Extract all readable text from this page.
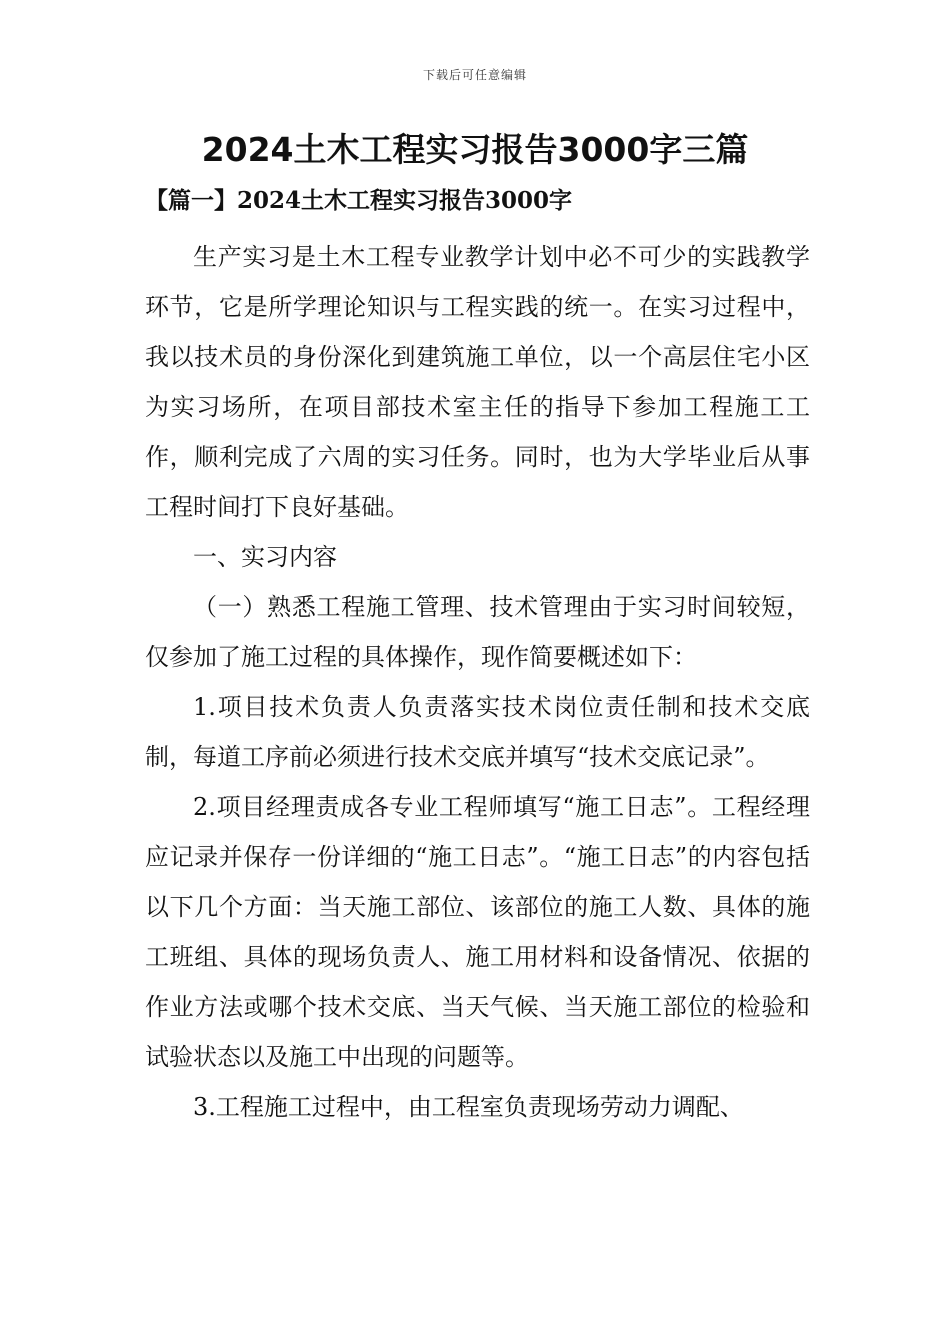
下载后可任意编辑
2024土木工程实习报告3000字三篇
【篇一】2024土木工程实习报告3000字

生产实习是土木工程专业教学计划中必不可少的实践教学环节，它是所学理论知识与工程实践的统一。在实习过程中，我以技术员的身份深化到建筑施工单位，以一个高层住宅小区为实习场所，在项目部技术室主任的指导下参加工程施工工作，顺利完成了六周的实习任务。同时，也为大学毕业后从事工程时间打下良好基础。

一、实习内容

（一）熟悉工程施工管理、技术管理由于实习时间较短，仅参加了施工过程的具体操作，现作简要概述如下：

1.项目技术负责人负责落实技术岗位责任制和技术交底制，每道工序前必须进行技术交底并填写“技术交底记录”。

2.项目经理责成各专业工程师填写“施工日志”。工程经理应记录并保存一份详细的“施工日志”。“施工日志”的内容包括以下几个方面：当天施工部位、该部位的施工人数、具体的施工班组、具体的现场负责人、施工用材料和设备情况、依据的作业方法或哪个技术交底、当天气候、当天施工部位的检验和试验状态以及施工中出现的问题等。

3.工程施工过程中，由工程室负责现场劳动力调配、
